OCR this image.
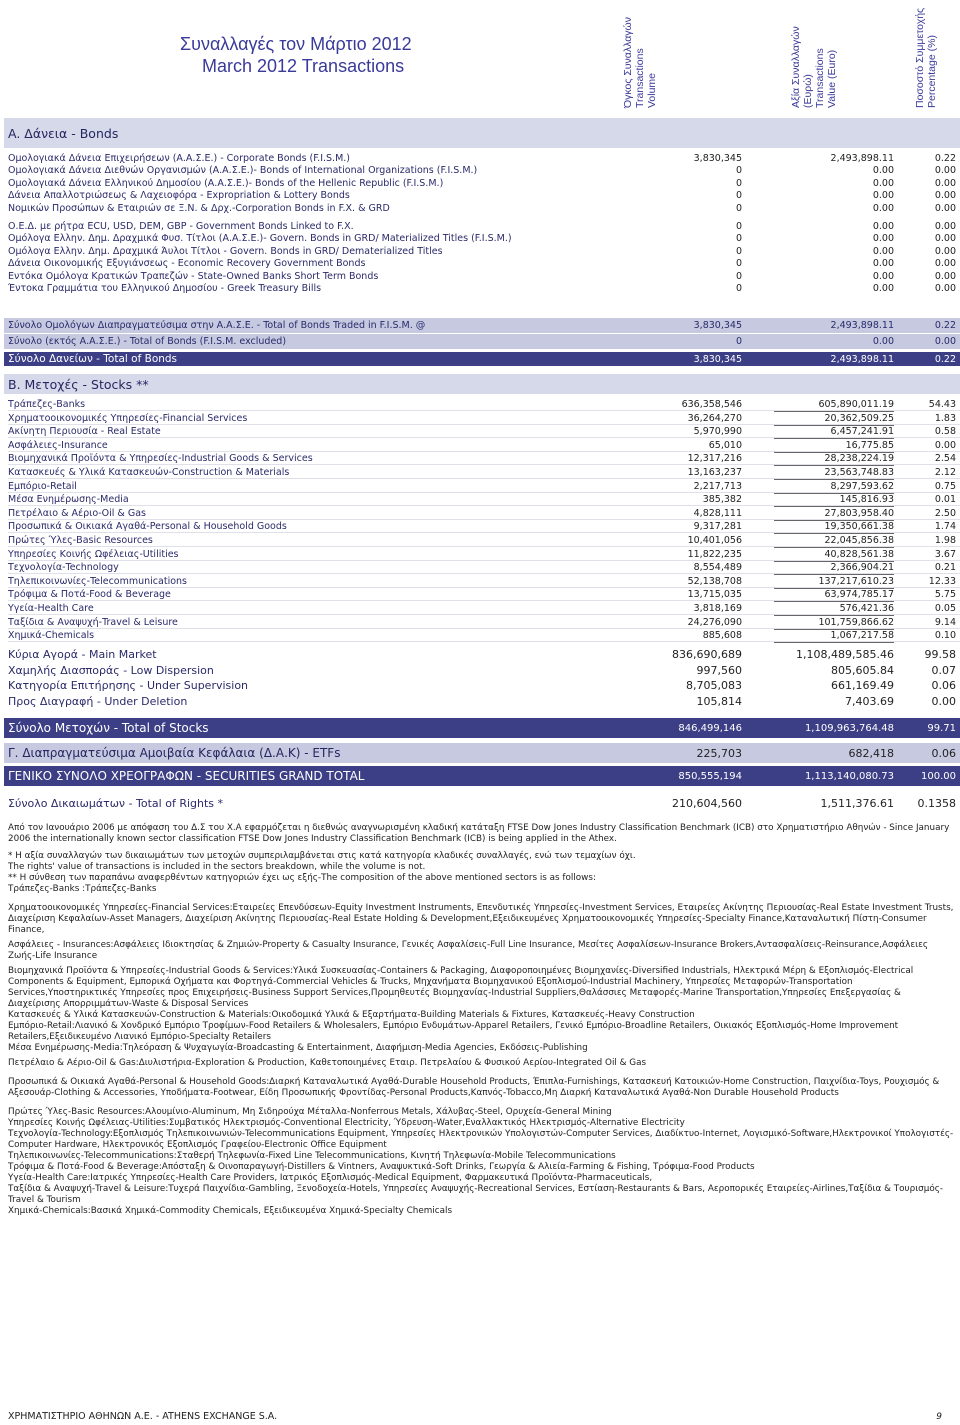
Συναλλαγές τον Μάρτιο 2012
March 2012 Transactions	Όγκος Συναλλαγών
Transactions
Volume	Αξία Συναλλαγών
(Ευρώ)
Transactions
Value (Euro)	Ποσοστό Συμμετοχής
Percentage (%)
A. Δάνεια - Bonds
Ομολογιακά Δάνεια Επιχειρήσεων (Α.Α.Σ.Ε.) - Corporate Bonds (F.I.S.M.)	3,830,345	2,493,898.11	0.22
Ομολογιακά Δάνεια Διεθνών Οργανισμών (Α.Α.Σ.Ε.)- Bonds of International Organizations (F.I.S.M.)	0	0.00	0.00
Ομολογιακά Δάνεια Ελληνικού Δημοσίου (Α.Α.Σ.Ε.)- Bonds of the Hellenic Republic (F.I.S.M.)	0	0.00	0.00
Δάνεια Απαλλοτριώσεως & Λαχειοφόρα - Expropriation & Lottery Bonds	0	0.00	0.00
Νομικών Προσώπων & Εταιριών σε Ξ.Ν. & Δρχ.-Corporation Bonds in F.X. & GRD	0	0.00	0.00
Ο.Ε.Δ. με ρήτρα ECU, USD, DEM, GBP - Government Bonds Linked to F.X.	0	0.00	0.00
Ομόλογα Ελλην. Δημ. Δραχμικά Φυσ. Τίτλοι (Α.Α.Σ.Ε.)- Govern. Bonds in GRD/ Materialized Titles (F.I.S.M.)	0	0.00	0.00
Ομόλογα Ελλην. Δημ. Δραχμικά Άυλοι Τίτλοι - Govern. Bonds in GRD/ Dematerialized Titles	0	0.00	0.00
Δάνεια Οικονομικής Εξυγιάνσεως - Economic Recovery Government Bonds	0	0.00	0.00
Εντόκα Ομόλογα Κρατικών Τραπεζών - State-Owned Banks Short Term Bonds	0	0.00	0.00
Έντοκα Γραμμάτια του Ελληνικού Δημοσίου - Greek Treasury Bills	0	0.00	0.00
Σύνολο Ομολόγων Διαπραγματεύσιμα στην Α.Α.Σ.Ε. - Total of Bonds Traded in F.I.S.M. @	3,830,345	2,493,898.11	0.22
Σύνολο (εκτός Α.Α.Σ.Ε.) - Total of Bonds (F.I.S.M. excluded)	0	0.00	0.00
Σύνολο Δανείων - Total of Bonds	3,830,345	2,493,898.11	0.22
B. Μετοχές - Stocks **
Τράπεζες-Banks	636,358,546	605,890,011.19	54.43
Χρηματοοικονομικές Υπηρεσίες-Financial Services	36,264,270	20,362,509.25	1.83
Ακίνητη Περιουσία - Real Estate	5,970,990	6,457,241.91	0.58
Ασφάλειες-Insurance	65,010	16,775.85	0.00
Βιομηχανικά Προϊόντα & Υπηρεσίες-Industrial Goods & Services	12,317,216	28,238,224.19	2.54
Κατασκευές & Υλικά Κατασκευών-Construction & Materials	13,163,237	23,563,748.83	2.12
Εμπόριο-Retail	2,217,713	8,297,593.62	0.75
Μέσα Ενημέρωσης-Media	385,382	145,816.93	0.01
Πετρέλαιο & Αέριο-Oil & Gas	4,828,111	27,803,958.40	2.50
Προσωπικά & Οικιακά Αγαθά-Personal & Household Goods	9,317,281	19,350,661.38	1.74
Πρώτες Ύλες-Basic Resources	10,401,056	22,045,856.38	1.98
Υπηρεσίες Κοινής Ωφέλειας-Utilities	11,822,235	40,828,561.38	3.67
Τεχνολογία-Technology	8,554,489	2,366,904.21	0.21
Τηλεπικοινωνίες-Telecommunications	52,138,708	137,217,610.23	12.33
Τρόφιμα & Ποτά-Food & Beverage	13,715,035	63,974,785.17	5.75
Υγεία-Health Care	3,818,169	576,421.36	0.05
Ταξίδια & Αναψυχή-Travel & Leisure	24,276,090	101,759,866.62	9.14
Χημικά-Chemicals	885,608	1,067,217.58	0.10
Κύρια Αγορά - Main Market	836,690,689	1,108,489,585.46	99.58
Χαμηλής Διασποράς - Low Dispersion	997,560	805,605.84	0.07
Κατηγορία Επιτήρησης - Under Supervision	8,705,083	661,169.49	0.06
Προς Διαγραφή - Under Deletion	105,814	7,403.69	0.00
Σύνολο Μετοχών - Total of Stocks	846,499,146	1,109,963,764.48	99.71
Γ. Διαπραγματεύσιμα Αμοιβαία Κεφάλαια (Δ.Α.Κ) - ETFs	225,703	682,418	0.06
ΓΕΝΙΚΟ ΣΥΝΟΛΟ ΧΡΕΟΓΡΑΦΩΝ - SECURITIES GRAND TOTAL	850,555,194	1,113,140,080.73	100.00
Σύνολο Δικαιωμάτων - Total of Rights *	210,604,560	1,511,376.61	0.1358
Από τον Ιανουάριο 2006 με απόφαση του Δ.Σ του Χ.Α εφαρμόζεται η διεθνώς αναγνωρισμένη κλαδική κατάταξη FTSE Dow Jones Industry Classification Benchmark (ICB) στο Χρηματιστήριο Αθηνών - Since January 2006 the internationally known sector classification FTSE Dow Jones Industry Classification Benchmark (ICB) is being applied in the Athex.
* Η αξία συναλλαγών των δικαιωμάτων των μετοχών συμπεριλαμβάνεται στις κατά κατηγορία κλαδικές συναλλαγές, ενώ των τεμαχίων όχι.
The rights' value of transactions is included in the sectors breakdown, while the volume is not.
** Η σύνθεση των παραπάνω αναφερθέντων κατηγοριών έχει ως εξής-The composition of the above mentioned sectors is as follows:
Τράπεζες-Banks :Τράπεζες-Banks
Χρηματοοικονομικές Υπηρεσίες-Financial Services:Εταιρείες Επενδύσεων-Equity Investment Instruments, Επενδυτικές Υπηρεσίες-Investment Services, Εταιρείες Ακίνητης Περιουσίας-Real Estate Investment Trusts, Διαχείριση Κεφαλαίων-Asset Managers, Διαχείριση Ακίνητης Περιουσίας-Real Estate Holding & Development,Εξειδικευμένες Χρηματοοικονομικές Υπηρεσίες-Specialty Finance,Καταναλωτική Πίστη-Consumer Finance,
Ασφάλειες - Insurances:Ασφάλειες Ιδιοκτησίας & Ζημιών-Property & Casualty Insurance, Γενικές Ασφαλίσεις-Full Line Insurance, Μεσίτες Ασφαλίσεων-Insurance Brokers,Αντασφαλίσεις-Reinsurance,Ασφάλειες Ζωής-Life Insurance
Βιομηχανικά Προϊόντα & Υπηρεσίες-Industrial Goods & Services:Υλικά Συσκευασίας-Containers & Packaging, Διαφοροποιημένες Βιομηχανίες-Diversified Industrials, Ηλεκτρικά Μέρη & Εξοπλισμός-Electrical Components & Equipment, Εμπορικά Οχήματα και Φορτηγά-Commercial Vehicles & Trucks, Μηχανήματα Βιομηχανικού Εξοπλισμού-Industrial Machinery, Υπηρεσίες Μεταφορών-Transportation Services,Υποστηρικτικές Υπηρεσίες προς Επιχειρήσεις-Business Support Services,Προμηθευτές Βιομηχανίας-Industrial Suppliers,Θαλάσσιες Μεταφορές-Marine Transportation,Υπηρεσίες Επεξεργασίας & Διαχείρισης Απορριμμάτων-Waste & Disposal Services
Κατασκευές & Υλικά Κατασκευών-Construction & Materials:Οικοδομικά Υλικά & Εξαρτήματα-Building Materials & Fixtures, Κατασκευές-Heavy Construction
Εμπόριο-Retail:Λιανικό & Χονδρικό Εμπόριο Τροφίμων-Food Retailers & Wholesalers, Εμπόριο Ενδυμάτων-Apparel Retailers, Γενικό Εμπόριο-Broadline Retailers, Οικιακός Εξοπλισμός-Home Improvement Retailers,Εξειδικευμένο Λιανικό Εμπόριο-Specialty Retailers
Μέσα Ενημέρωσης-Media:Τηλεόραση & Ψυχαγωγία-Broadcasting & Entertainment, Διαφήμιση-Media Agencies, Εκδόσεις-Publishing
Πετρέλαιο & Αέριο-Oil & Gas:Διυλιστήρια-Exploration & Production, Καθετοποιημένες Εταιρ. Πετρελαίου & Φυσικού Αερίου-Integrated Oil & Gas
Προσωπικά & Οικιακά Αγαθά-Personal & Household Goods:Διαρκή Καταναλωτικά Αγαθά-Durable Household Products, Έπιπλα-Furnishings, Κατασκευή Κατοικιών-Home Construction, Παιχνίδια-Toys, Ρουχισμός & Αξεσουάρ-Clothing & Accessories, Υποδήματα-Footwear, Είδη Προσωπικής Φροντίδας-Personal Products,Καπνός-Tobacco,Μη Διαρκή Καταναλωτικά Αγαθά-Non Durable Household Products
Πρώτες Ύλες-Basic Resources:Αλουμίνιο-Aluminum, Μη Σιδηρούχα Μέταλλα-Nonferrous Metals, Χάλυβας-Steel, Ορυχεία-General Mining
Υπηρεσίες Κοινής Ωφέλειας-Utilities:Συμβατικός Ηλεκτρισμός-Conventional Electricity, Ύδρευση-Water,Εναλλακτικός Ηλεκτρισμός-Alternative Electricity
Τεχνολογία-Technology:Εξοπλισμός Τηλεπικοινωνιών-Telecommunications Equipment, Υπηρεσίες Ηλεκτρονικών Υπολογιστών-Computer Services, Διαδίκτυο-Internet, Λογισμικό-Software,Ηλεκτρονικοί Υπολογιστές-Computer Hardware, Ηλεκτρονικός Εξοπλισμός Γραφείου-Electronic Office Equipment
Τηλεπικοινωνίες-Telecommunications:Σταθερή Τηλεφωνία-Fixed Line Telecommunications, Κινητή Τηλεφωνία-Mobile Telecommunications
Τρόφιμα & Ποτά-Food & Beverage:Απόσταξη & Οινοπαραγωγή-Distillers & Vintners, Αναψυκτικά-Soft Drinks, Γεωργία & Αλιεία-Farming & Fishing, Τρόφιμα-Food Products
Υγεία-Health Care:Ιατρικές Υπηρεσίες-Health Care Providers, Ιατρικός Εξοπλισμός-Medical Equipment, Φαρμακευτικά Προϊόντα-Pharmaceuticals,
Ταξίδια & Αναψυχή-Travel & Leisure:Τυχερά Παιχνίδια-Gambling, Ξενοδοχεία-Hotels, Υπηρεσίες Αναψυχής-Recreational Services, Εστίαση-Restaurants & Bars, Αεροπορικές Εταιρείες-Airlines,Ταξίδια & Τουρισμός-Travel & Tourism
Χημικά-Chemicals:Βασικά Χημικά-Commodity Chemicals, Εξειδικευμένα Χημικά-Specialty Chemicals
ΧΡΗΜΑΤΙΣΤΗΡΙΟ ΑΘΗΝΩΝ Α.Ε. - ATHENS EXCHANGE S.A.	9
